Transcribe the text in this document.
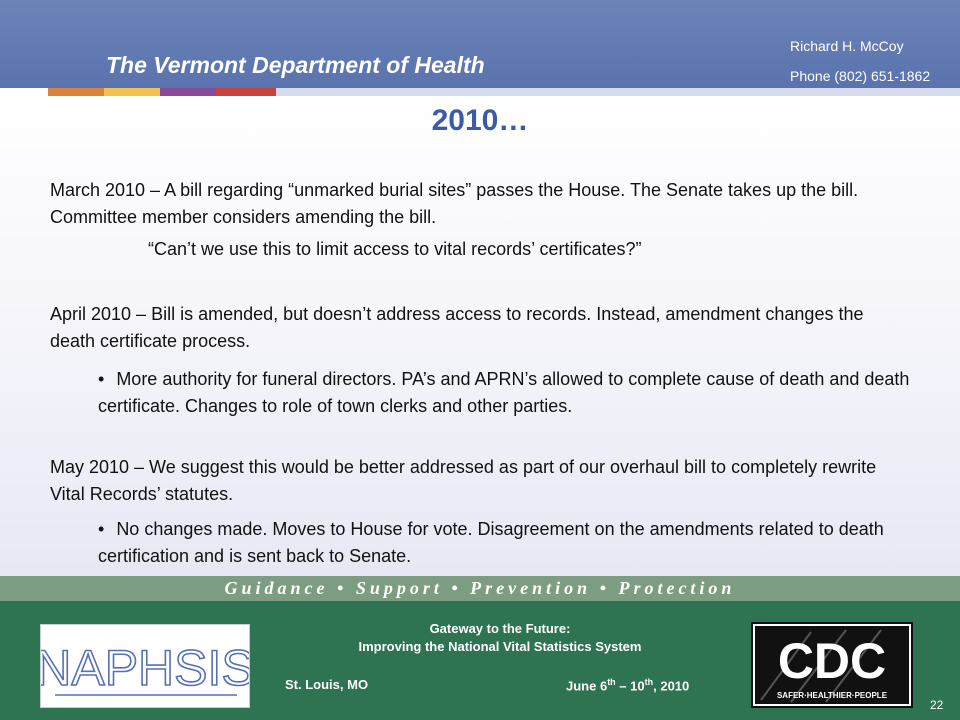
The Vermont Department of Health
Richard H. McCoy
Phone (802) 651-1862
2010…
March 2010 – A bill regarding “unmarked burial sites” passes the House. The Senate takes up the bill. Committee member considers amending the bill.
“Can’t we use this to limit access to vital records’ certificates?”
April 2010 – Bill is amended, but doesn’t address access to records. Instead, amendment changes the death certificate process.
• More authority for funeral directors. PA’s and APRN’s allowed to complete cause of death and death certificate. Changes to role of town clerks and other parties.
May 2010 – We suggest this would be better addressed as part of our overhaul bill to completely rewrite Vital Records’ statutes.
• No changes made. Moves to House for vote. Disagreement on the amendments related to death certification and is sent back to Senate.
Guidance • Support • Prevention • Protection
NAPHSIS
Gateway to the Future:
Improving the National Vital Statistics System
St. Louis, MO	June 6th – 10th, 2010 CDC
SAFER·HEALTHIER·PEOPLE
22
